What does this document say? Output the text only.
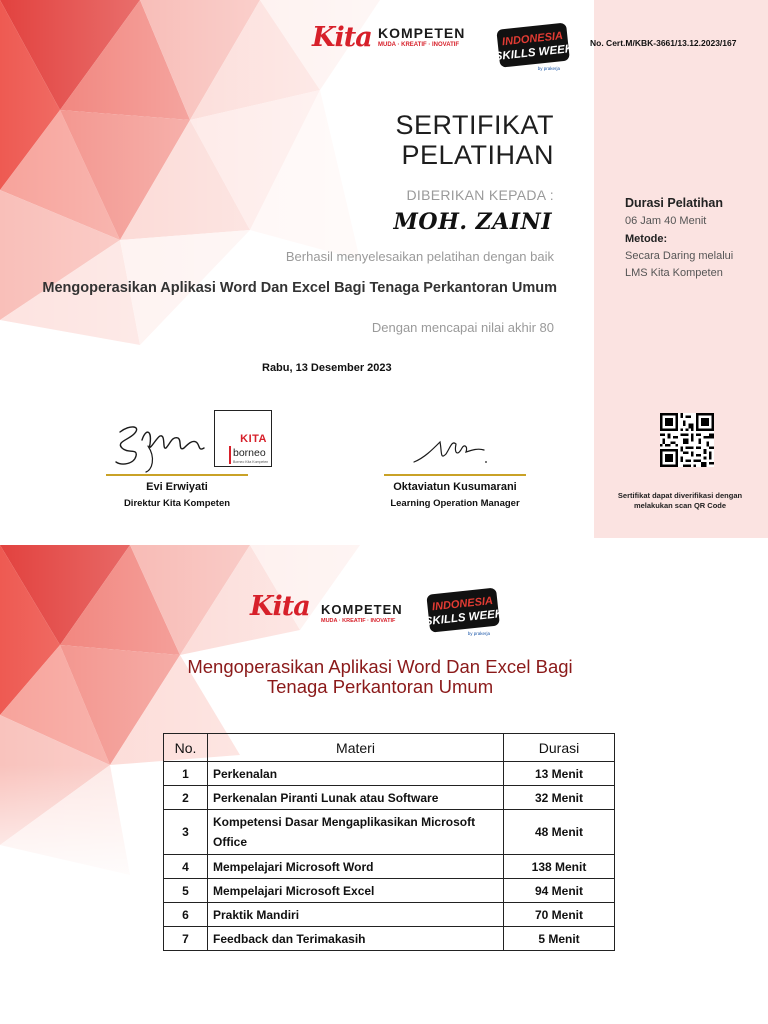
Kita KOMPETEN
MUDA · KREATIF · INOVATIF	INDONESIA
SKILLS WEEK
by prakerja
No. Cert.M/KBK-3661/13.12.2023/167
SERTIFIKAT
PELATIHAN
DIBERIKAN KEPADA :
MOH. ZAINI
Berhasil menyelesaikan pelatihan dengan baik
Mengoperasikan Aplikasi Word Dan Excel Bagi Tenaga Perkantoran Umum
Dengan mencapai nilai akhir 80
Rabu, 13 Desember 2023
Durasi Pelatihan
06 Jam 40 Menit
Metode:
Secara Daring melalui
LMS Kita Kompeten
Sertifikat dapat diverifikasi dengan melakukan scan QR Code
KITA
borneo
Borneo Kita Kompeten
Evi Erwiyati
Direktur Kita Kompeten
Oktaviatun Kusumarani
Learning Operation Manager
Kita KOMPETEN
MUDA · KREATIF · INOVATIF
INDONESIA
SKILLS WEEK
by prakerja
Mengoperasikan Aplikasi Word Dan Excel Bagi
Tenaga Perkantoran Umum
No.	Materi	Durasi
1	Perkenalan	13 Menit
2	Perkenalan Piranti Lunak atau Software	32 Menit
3	Kompetensi Dasar Mengaplikasikan Microsoft Office	48 Menit
4	Mempelajari Microsoft Word	138 Menit
5	Mempelajari Microsoft Excel	94 Menit
6	Praktik Mandiri	70 Menit
7	Feedback dan Terimakasih	5 Menit
